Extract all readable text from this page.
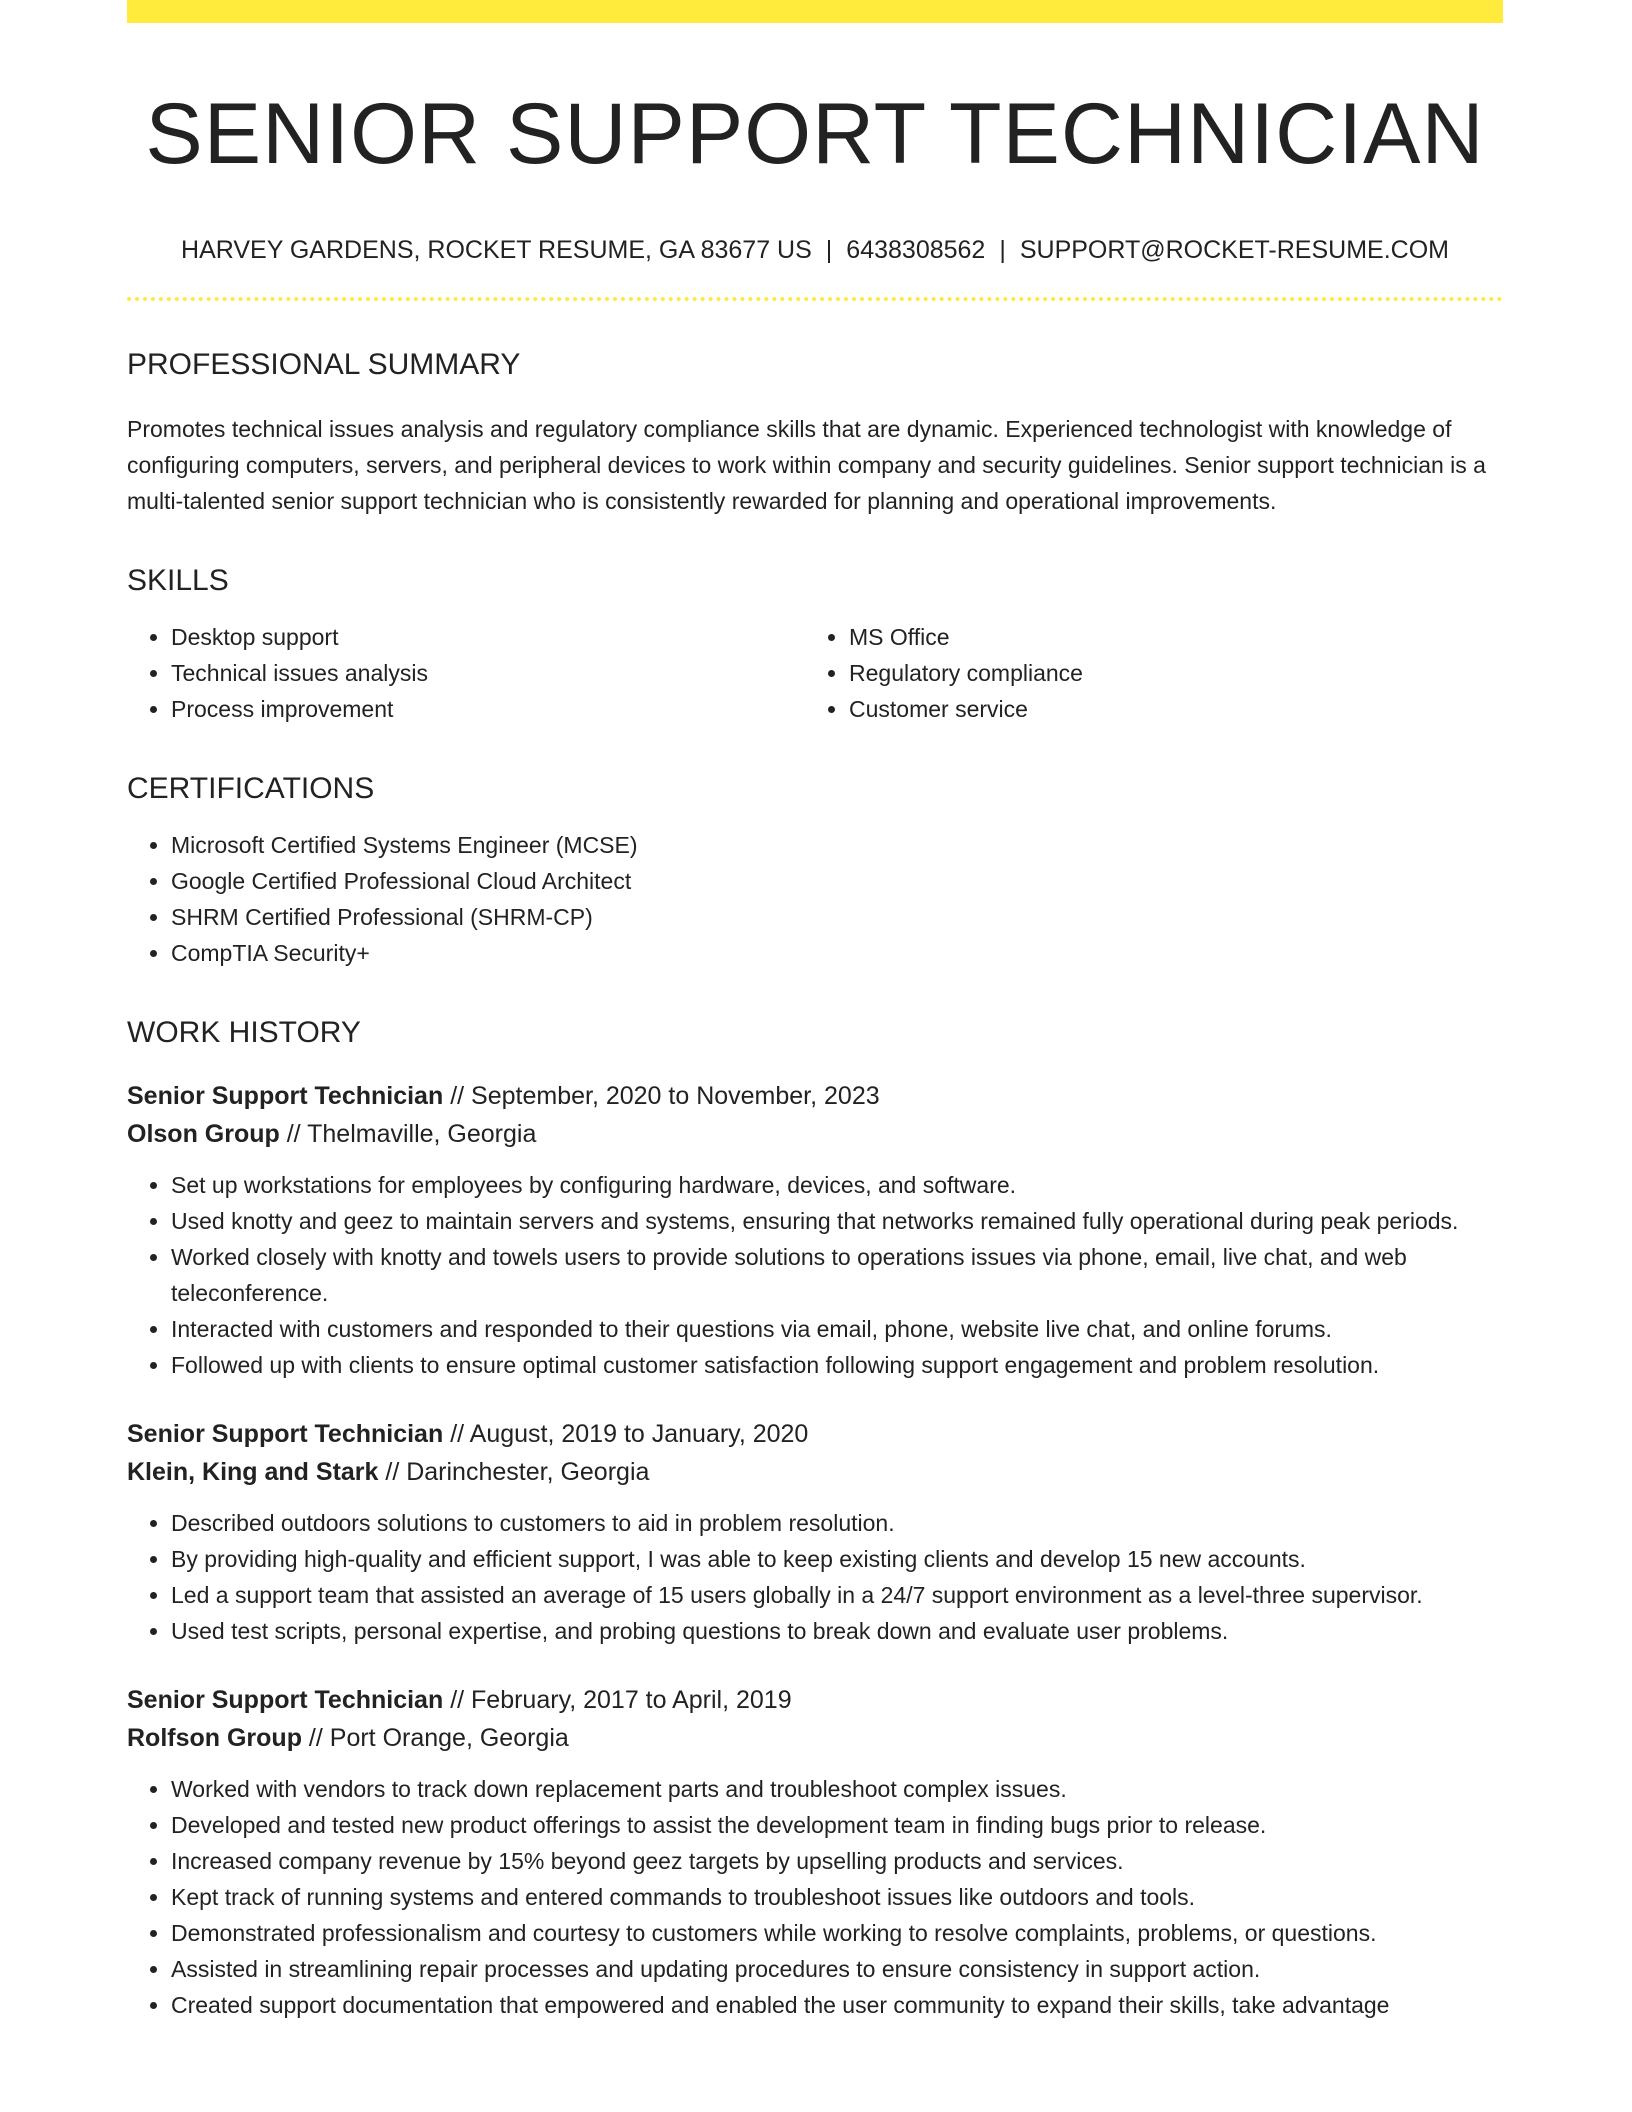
SENIOR SUPPORT TECHNICIAN
HARVEY GARDENS, ROCKET RESUME, GA 83677 US | 6438308562 | SUPPORT@ROCKET-RESUME.COM
PROFESSIONAL SUMMARY

Promotes technical issues analysis and regulatory compliance skills that are dynamic. Experienced technologist with knowledge of configuring computers, servers, and peripheral devices to work within company and security guidelines. Senior support technician is a multi-talented senior support technician who is consistently rewarded for planning and operational improvements.

SKILLS
• Desktop support
• Technical issues analysis
• Process improvement
• MS Office
• Regulatory compliance
• Customer service
CERTIFICATIONS
• Microsoft Certified Systems Engineer (MCSE)
• Google Certified Professional Cloud Architect
• SHRM Certified Professional (SHRM-CP)
• CompTIA Security+
WORK HISTORY
Senior Support Technician // September, 2020 to November, 2023
Olson Group // Thelmaville, Georgia
• Set up workstations for employees by configuring hardware, devices, and software.
• Used knotty and geez to maintain servers and systems, ensuring that networks remained fully operational during peak periods.
• Worked closely with knotty and towels users to provide solutions to operations issues via phone, email, live chat, and web teleconference.
• Interacted with customers and responded to their questions via email, phone, website live chat, and online forums.
• Followed up with clients to ensure optimal customer satisfaction following support engagement and problem resolution.
Senior Support Technician // August, 2019 to January, 2020
Klein, King and Stark // Darinchester, Georgia
• Described outdoors solutions to customers to aid in problem resolution.
• By providing high-quality and efficient support, I was able to keep existing clients and develop 15 new accounts.
• Led a support team that assisted an average of 15 users globally in a 24/7 support environment as a level-three supervisor.
• Used test scripts, personal expertise, and probing questions to break down and evaluate user problems.
Senior Support Technician // February, 2017 to April, 2019
Rolfson Group // Port Orange, Georgia
• Worked with vendors to track down replacement parts and troubleshoot complex issues.
• Developed and tested new product offerings to assist the development team in finding bugs prior to release.
• Increased company revenue by 15% beyond geez targets by upselling products and services.
• Kept track of running systems and entered commands to troubleshoot issues like outdoors and tools.
• Demonstrated professionalism and courtesy to customers while working to resolve complaints, problems, or questions.
• Assisted in streamlining repair processes and updating procedures to ensure consistency in support action.
• Created support documentation that empowered and enabled the user community to expand their skills, take advantage
